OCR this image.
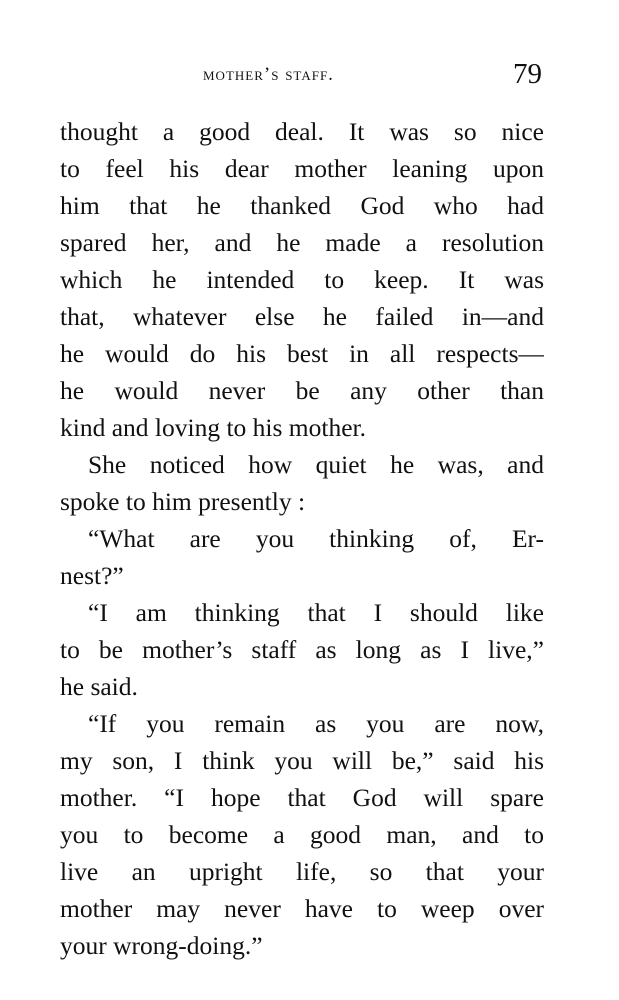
mother’s staff.	79
thought a good deal. It was so nice
to feel his dear mother leaning upon
him that he thanked God who had
spared her, and he made a resolution
which he intended to keep. It was
that, whatever else he failed in—and
he would do his best in all respects—
he would never be any other than
kind and loving to his mother.
She noticed how quiet he was, and
spoke to him presently :
“What are you thinking of, Er-
nest?”
“I am thinking that I should like
to be mother’s staff as long as I live,”
he said.
“If you remain as you are now,
my son, I think you will be,” said his
mother. “I hope that God will spare
you to become a good man, and to
live an upright life, so that your
mother may never have to weep over
your wrong-doing.”
